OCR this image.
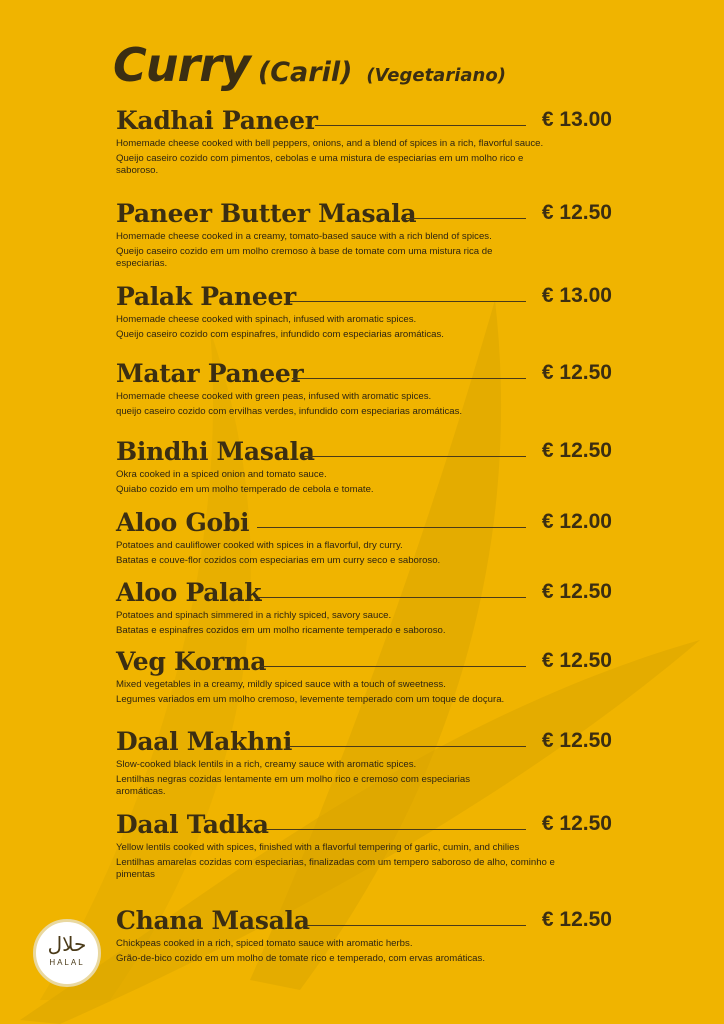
Curry (Caril) (Vegetariano)
Kadhai Paneer	€ 13.00

Homemade cheese cooked with bell peppers, onions, and a blend of spices in a rich, flavorful sauce.

Queijo caseiro cozido com pimentos, cebolas e uma mistura de especiarias em um molho rico e saboroso.

Paneer Butter Masala	€ 12.50

Homemade cheese cooked in a creamy, tomato-based sauce with a rich blend of spices.

Queijo caseiro cozido em um molho cremoso à base de tomate com uma mistura rica de especiarias.

Palak Paneer	€ 13.00

Homemade cheese cooked with spinach, infused with aromatic spices.

Queijo caseiro cozido com espinafres, infundido com especiarias aromáticas.

Matar Paneer	€ 12.50

Homemade cheese cooked with green peas, infused with aromatic spices.

queijo caseiro cozido com ervilhas verdes, infundido com especiarias aromáticas.

Bindhi Masala	€ 12.50

Okra cooked in a spiced onion and tomato sauce.

Quiabo cozido em um molho temperado de cebola e tomate.

Aloo Gobi	€ 12.00

Potatoes and cauliflower cooked with spices in a flavorful, dry curry.

Batatas e couve-flor cozidos com especiarias em um curry seco e saboroso.

Aloo Palak	€ 12.50

Potatoes and spinach simmered in a richly spiced, savory sauce.

Batatas e espinafres cozidos em um molho ricamente temperado e saboroso.

Veg Korma	€ 12.50

Mixed vegetables in a creamy, mildly spiced sauce with a touch of sweetness.

Legumes variados em um molho cremoso, levemente temperado com um toque de doçura.

Daal Makhni	€ 12.50

Slow-cooked black lentils in a rich, creamy sauce with aromatic spices.

Lentilhas negras cozidas lentamente em um molho rico e cremoso com especiarias aromáticas.

Daal Tadka	€ 12.50

Yellow lentils cooked with spices, finished with a flavorful tempering of garlic, cumin, and chilies

Lentilhas amarelas cozidas com especiarias, finalizadas com um tempero saboroso de alho, cominho e pimentas

Chana Masala	€ 12.50

Chickpeas cooked in a rich, spiced tomato sauce with aromatic herbs.

Grão-de-bico cozido em um molho de tomate rico e temperado, com ervas aromáticas.

حلال
HALAL
